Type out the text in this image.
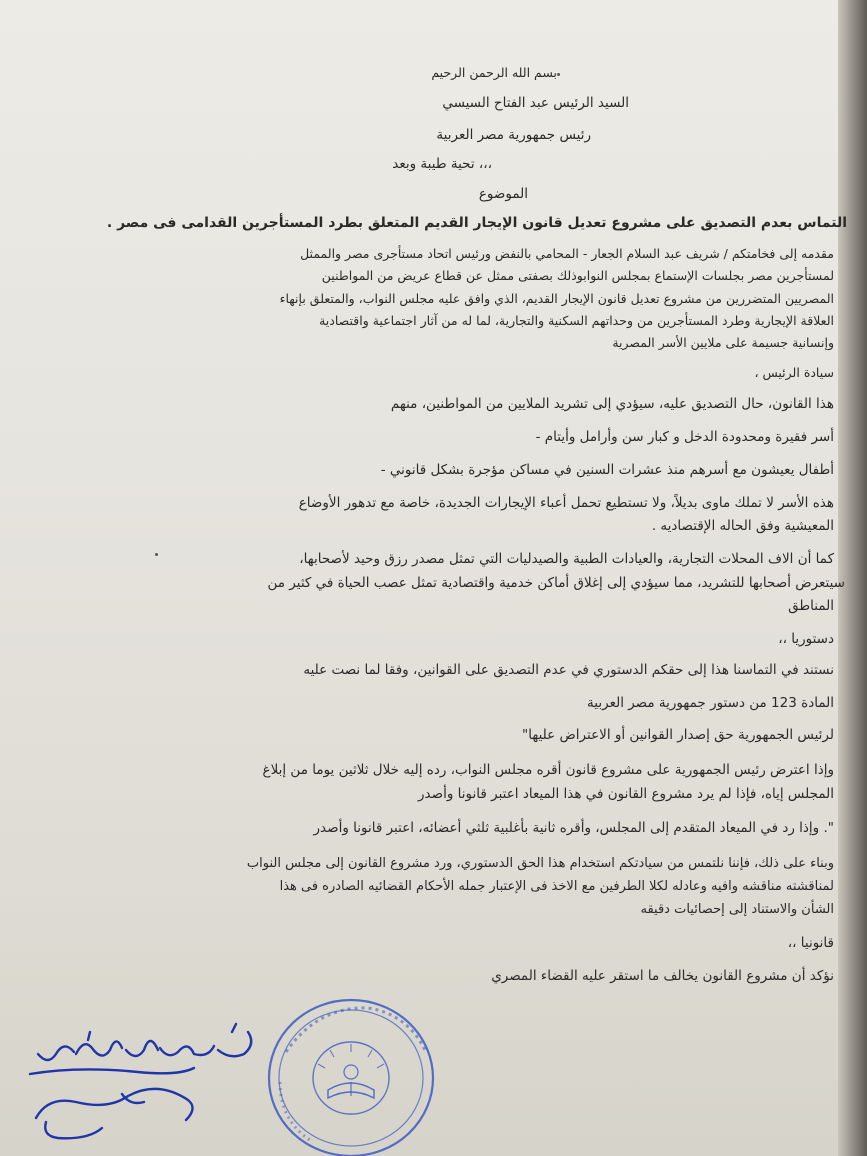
بسم الله الرحمن الرحيم
السيد الرئيس عبد الفتاح السيسي
رئيس جمهورية مصر العربية
،،، تحية طيبة وبعد
الموضوع
التماس بعدم التصديق على مشروع تعديل قانون الإيجار القديم المتعلق بطرد المستأجرين القدامى فى مصر .
مقدمه إلى فخامتكم / شريف عبد السلام الجعار - المحامي بالنفض ورئيس اتحاد مستأجرى مصر والممثل
لمستأجرين مصر بجلسات الإستماع بمجلس النوابوذلك بصفتى ممثل عن قطاع عريض من المواطنين
المصريين المتضررين من مشروع تعديل قانون الإيجار القديم، الذي وافق عليه مجلس النواب، والمتعلق بإنهاء
العلاقة الإيجارية وطرد المستأجرين من وحداتهم السكنية والتجارية، لما له من آثار اجتماعية واقتصادية
وإنسانية جسيمة على ملايين الأسر المصرية
سيادة الرئيس ،
هذا القانون، حال التصديق عليه، سيؤدي إلى تشريد الملايين من المواطنين، منهم
أسر فقيرة ومحدودة الدخل و كبار سن وأرامل وأيتام -
أطفال يعيشون مع أسرهم منذ عشرات السنين في مساكن مؤجرة بشكل قانوني -
هذه الأسر لا تملك ماوى بديلاً، ولا تستطيع تحمل أعباء الإيجارات الجديدة، خاصة مع تدهور الأوضاع
المعيشية وفق الحاله الإقتصاديه .
كما أن الاف المحلات التجارية، والعيادات الطبية والصيدليات التي تمثل مصدر رزق وحيد لأصحابها،
سيتعرض أصحابها للتشريد، مما سيؤدي إلى إغلاق أماكن خدمية واقتصادية تمثل عصب الحياة في كثير من
المناطق
دستوريا ،،
نستند في التماسنا هذا إلى حقكم الدستوري في عدم التصديق على القوانين، وفقا لما نصت عليه
المادة 123 من دستور جمهورية مصر العربية
لرئيس الجمهورية حق إصدار القوانين أو الاعتراض عليها"
وإذا اعترض رئيس الجمهورية على مشروع قانون أقره مجلس النواب، رده إليه خلال ثلاثين يوما من إبلاغ
المجلس إياه، فإذا لم يرد مشروع القانون في هذا الميعاد اعتبر قانونا وأصدر
". وإذا رد في الميعاد المتقدم إلى المجلس، وأقره ثانية بأغلبية ثلثي أعضائه، اعتبر قانونا وأصدر
وبناء على ذلك، فإننا نلتمس من سيادتكم استخدام هذا الحق الدستوري، ورد مشروع القانون إلى مجلس النواب
لمناقشته مناقشه وافيه وعادله لكلا الطرفين مع الاخذ فى الإعتبار جمله الأحكام القضائيه الصادره فى هذا
الشأن والاستناد إلى إحصائيات دقيقه
قانونيا ،،
نؤكد أن مشروع القانون يخالف ما استقر عليه القضاء المصري
